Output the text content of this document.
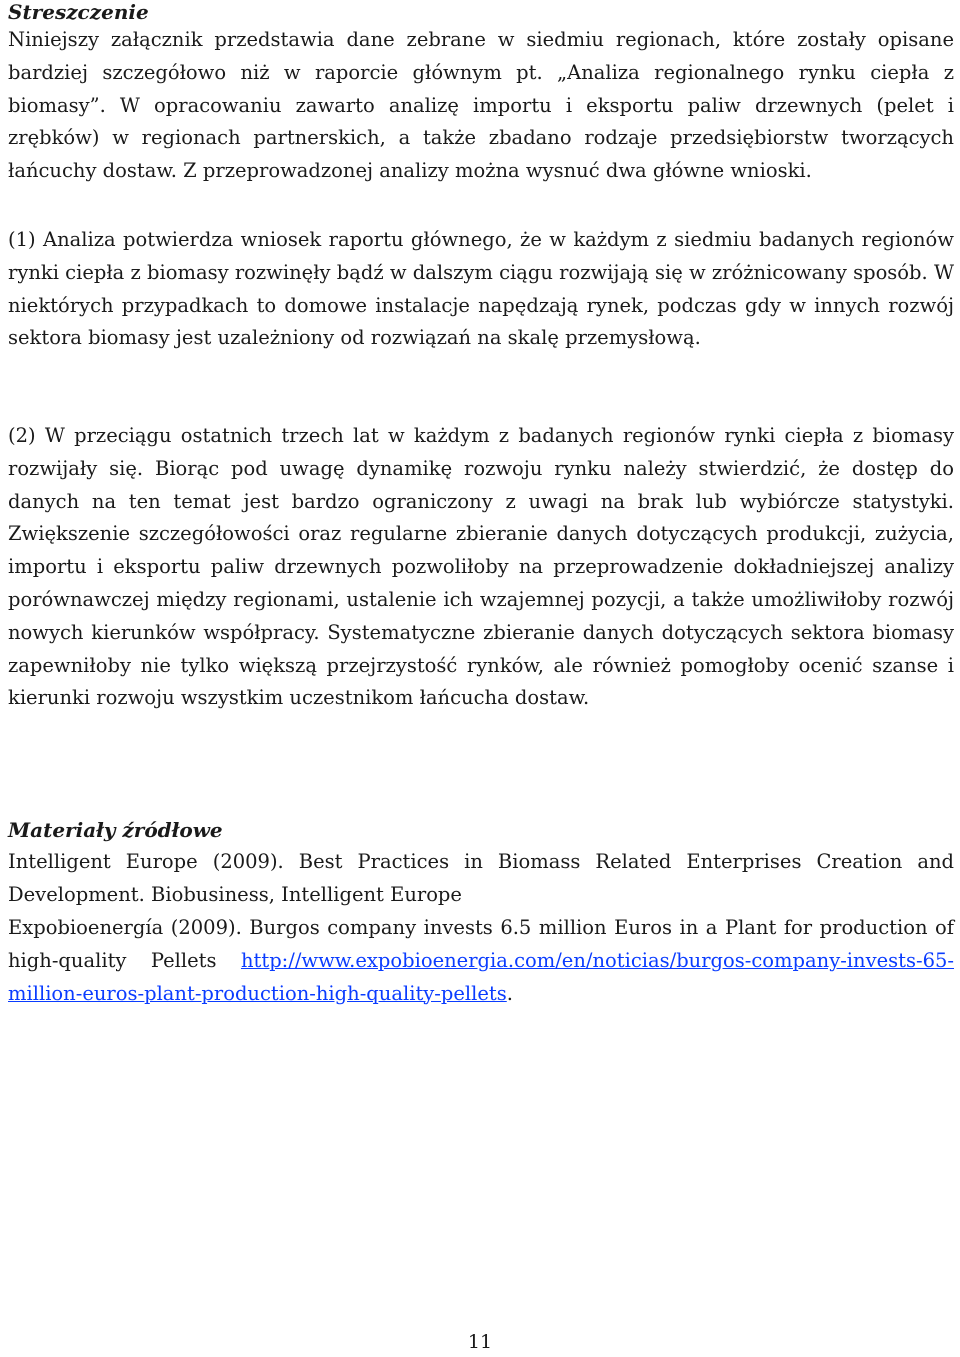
Streszczenie

Niniejszy załącznik przedstawia dane zebrane w siedmiu regionach, które zostały opisane bardziej szczegółowo niż w raporcie głównym pt. „Analiza regionalnego rynku ciepła z biomasy”. W opracowaniu zawarto analizę importu i eksportu paliw drzewnych (pelet i zrębków) w regionach partnerskich, a także zbadano rodzaje przedsiębiorstw tworzących łańcuchy dostaw. Z przeprowadzonej analizy można wysnuć dwa główne wnioski.

(1) Analiza potwierdza wniosek raportu głównego, że w każdym z siedmiu badanych regionów rynki ciepła z biomasy rozwinęły bądź w dalszym ciągu rozwijają się w zróżnicowany sposób. W niektórych przypadkach to domowe instalacje napędzają rynek, podczas gdy w innych rozwój sektora biomasy jest uzależniony od rozwiązań na skalę przemysłową.

(2) W przeciągu ostatnich trzech lat w każdym z badanych regionów rynki ciepła z biomasy rozwijały się. Biorąc pod uwagę dynamikę rozwoju rynku należy stwierdzić, że dostęp do danych na ten temat jest bardzo ograniczony z uwagi na brak lub wybiórcze statystyki. Zwiększenie szczegółowości oraz regularne zbieranie danych dotyczących produkcji, zużycia, importu i eksportu paliw drzewnych pozwoliłoby na przeprowadzenie dokładniejszej analizy porównawczej między regionami, ustalenie ich wzajemnej pozycji, a także umożliwiłoby rozwój nowych kierunków współpracy. Systematyczne zbieranie danych dotyczących sektora biomasy zapewniłoby nie tylko większą przejrzystość rynków, ale również pomogłoby ocenić szanse i kierunki rozwoju wszystkim uczestnikom łańcucha dostaw.

Materiały źródłowe

Intelligent Europe (2009). Best Practices in Biomass Related Enterprises Creation and Development. Biobusiness, Intelligent Europe

Expobioenergía (2009). Burgos company invests 6.5 million Euros in a Plant for production of high-quality Pellets http://www.expobioenergia.com/en/noticias/burgos-company-invests-65-million-euros-plant-production-high-quality-pellets.

11
